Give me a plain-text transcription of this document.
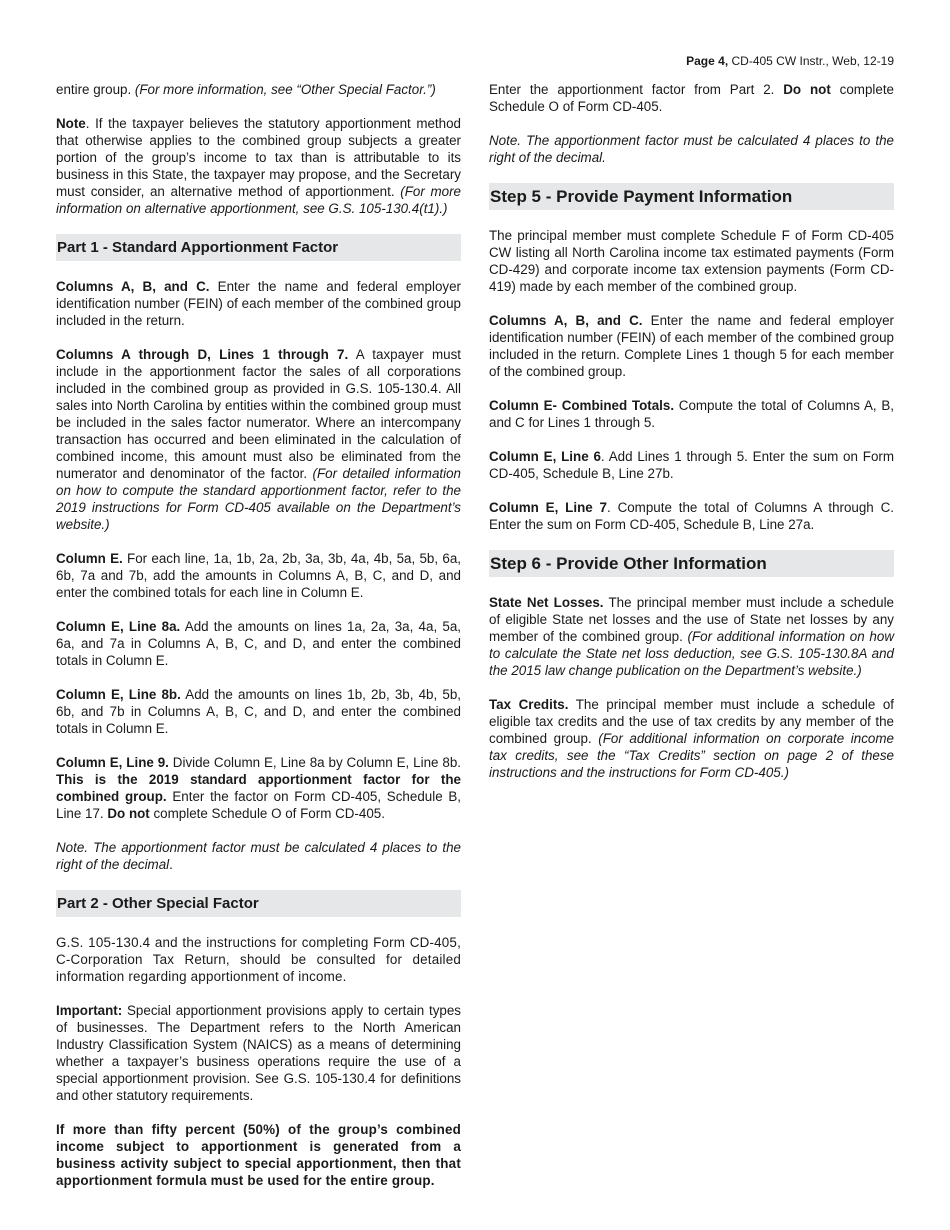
Page 4, CD-405 CW Instr., Web, 12-19

entire group. (For more information, see “Other Special Factor.”)

Note. If the taxpayer believes the statutory apportionment method that otherwise applies to the combined group subjects a greater portion of the group’s income to tax than is attributable to its business in this State, the taxpayer may propose, and the Secretary must consider, an alternative method of apportionment. (For more information on alternative apportionment, see G.S. 105-130.4(t1).)

Part 1 - Standard Apportionment Factor

Columns A, B, and C. Enter the name and federal employer identification number (FEIN) of each member of the combined group included in the return.

Columns A through D, Lines 1 through 7. A taxpayer must include in the apportionment factor the sales of all corporations included in the combined group as provided in G.S. 105-130.4. All sales into North Carolina by entities within the combined group must be included in the sales factor numerator. Where an intercompany transaction has occurred and been eliminated in the calculation of combined income, this amount must also be eliminated from the numerator and denominator of the factor. (For detailed information on how to compute the standard apportionment factor, refer to the 2019 instructions for Form CD-405 available on the Department’s website.)

Column E. For each line, 1a, 1b, 2a, 2b, 3a, 3b, 4a, 4b, 5a, 5b, 6a, 6b, 7a and 7b, add the amounts in Columns A, B, C, and D, and enter the combined totals for each line in Column E.

Column E, Line 8a. Add the amounts on lines 1a, 2a, 3a, 4a, 5a, 6a, and 7a in Columns A, B, C, and D, and enter the combined totals in Column E.

Column E, Line 8b. Add the amounts on lines 1b, 2b, 3b, 4b, 5b, 6b, and 7b in Columns A, B, C, and D, and enter the combined totals in Column E.

Column E, Line 9. Divide Column E, Line 8a by Column E, Line 8b. This is the 2019 standard apportionment factor for the combined group. Enter the factor on Form CD-405, Schedule B, Line 17. Do not complete Schedule O of Form CD-405.

Note. The apportionment factor must be calculated 4 places to the right of the decimal.

Part 2 - Other Special Factor

G.S. 105-130.4 and the instructions for completing Form CD-405, C-Corporation Tax Return, should be consulted for detailed information regarding apportionment of income.

Important: Special apportionment provisions apply to certain types of businesses. The Department refers to the North American Industry Classification System (NAICS) as a means of determining whether a taxpayer’s business operations require the use of a special apportionment provision. See G.S. 105-130.4 for definitions and other statutory requirements.

If more than fifty percent (50%) of the group’s combined income subject to apportionment is generated from a business activity subject to special apportionment, then that apportionment formula must be used for the entire group.

Enter the apportionment factor from Part 2. Do not complete Schedule O of Form CD-405.

Note. The apportionment factor must be calculated 4 places to the right of the decimal.

Step 5 - Provide Payment Information

The principal member must complete Schedule F of Form CD-405 CW listing all North Carolina income tax estimated payments (Form CD-429) and corporate income tax extension payments (Form CD-419) made by each member of the combined group.

Columns A, B, and C. Enter the name and federal employer identification number (FEIN) of each member of the combined group included in the return. Complete Lines 1 though 5 for each member of the combined group.

Column E- Combined Totals. Compute the total of Columns A, B, and C for Lines 1 through 5.

Column E, Line 6. Add Lines 1 through 5. Enter the sum on Form CD-405, Schedule B, Line 27b.

Column E, Line 7. Compute the total of Columns A through C. Enter the sum on Form CD-405, Schedule B, Line 27a.

Step 6 - Provide Other Information

State Net Losses. The principal member must include a schedule of eligible State net losses and the use of State net losses by any member of the combined group. (For additional information on how to calculate the State net loss deduction, see G.S. 105-130.8A and the 2015 law change publication on the Department’s website.)

Tax Credits. The principal member must include a schedule of eligible tax credits and the use of tax credits by any member of the combined group. (For additional information on corporate income tax credits, see the “Tax Credits” section on page 2 of these instructions and the instructions for Form CD-405.)
